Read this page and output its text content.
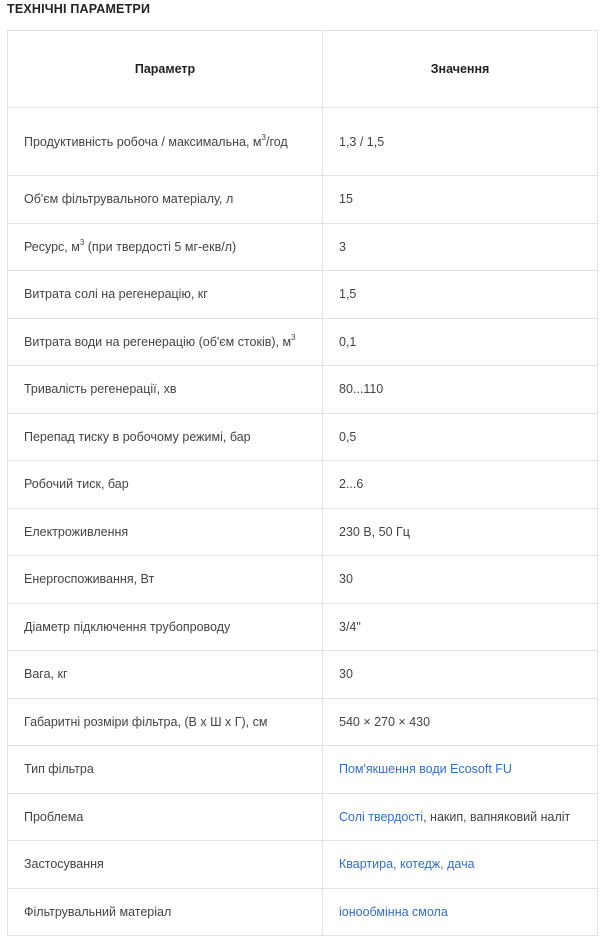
ТЕХНІЧНІ ПАРАМЕТРИ
Параметр	Значення
Продуктивність робоча / максимальна, $м^3$/год	1,3 / 1,5
Об'єм фільтрувального матеріалу, л	15
Ресурс, $м^3$ (при твердості 5 мг-екв/л)	3
Витрата солі на регенерацію, кг	1,5
Витрата води на регенерацію (об'єм стоків), $м^3$	0,1
Тривалість регенерації, хв	80...110
Перепад тиску в робочому режимі, бар	0,5
Робочий тиск, бар	2...6
Електроживлення	230 В, 50 Гц
Енергоспоживання, Вт	30
Діаметр підключення трубопроводу	3/4"
Вага, кг	30
Габаритні розміри фільтра, (В х Ш х Г), см	540 × 270 × 430
Тип фільтра	Пом'якшення води Ecosoft FU
Проблема	Солі твердості, накип, вапняковий наліт
Застосування	Квартира, котедж, дача
Фільтрувальний матеріал	іонообмінна смола
